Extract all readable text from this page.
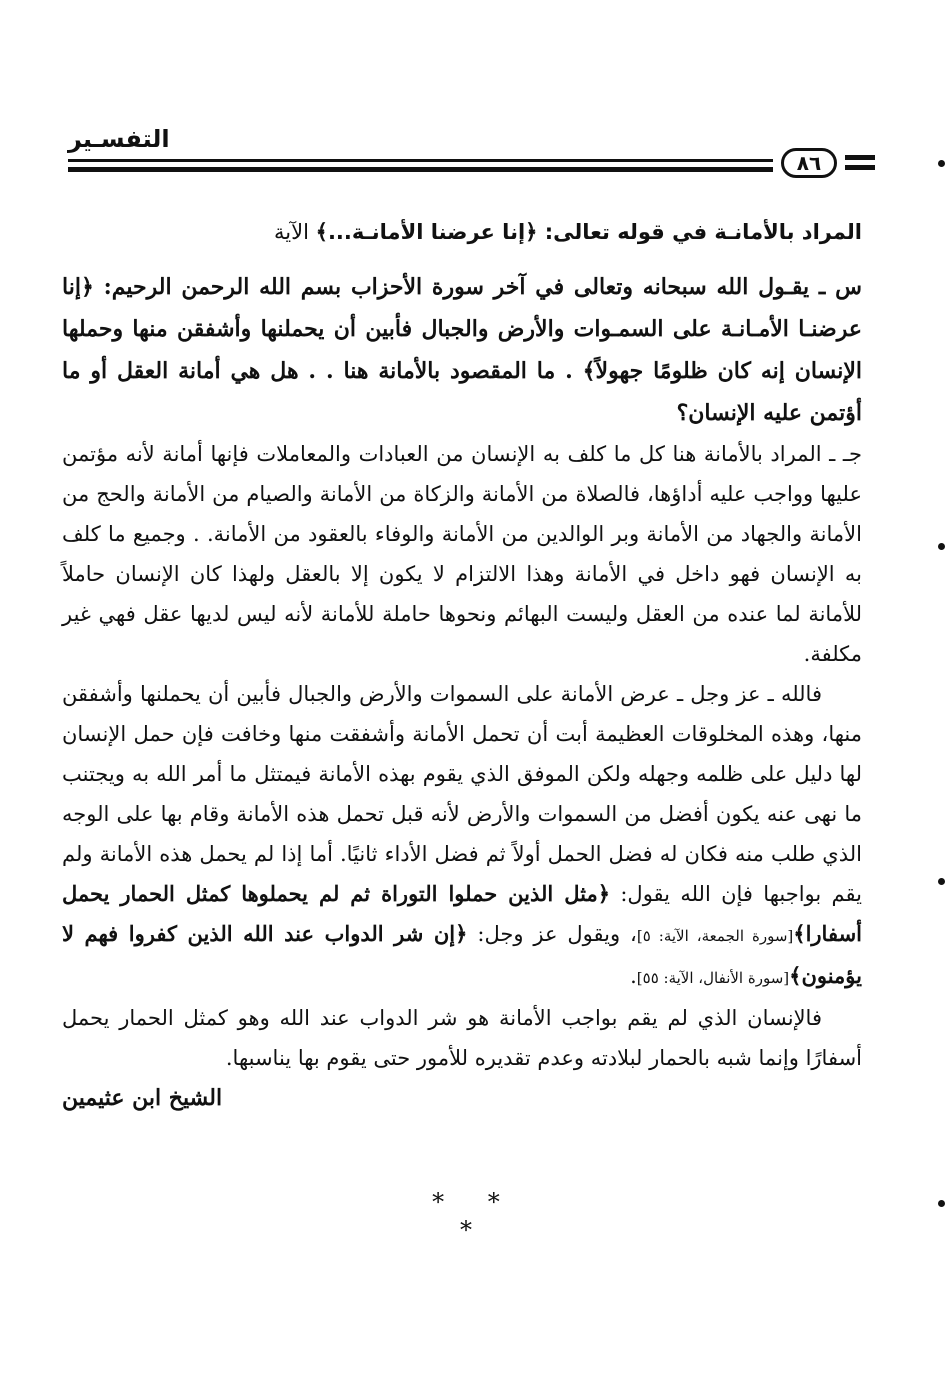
التفسـير
٨٦
المراد بالأمانـة في قوله تعالى: ﴿إنا عرضنا الأمانـة...﴾ الآية

س ـ يقـول الله سبحانه وتعالى في آخر سورة الأحزاب بسم الله الرحمن الرحيم: ﴿إنا عرضنـا الأمـانـة على السمـوات والأرض والجبال فأبين أن يحملنها وأشفقن منها وحملها الإنسان إنه كان ظلومًا جهولاً﴾ . ما المقصود بالأمانة هنا . . هل هي أمانة العقل أو ما أؤتمن عليه الإنسان؟

جـ ـ المراد بالأمانة هنا كل ما كلف به الإنسان من العبادات والمعاملات فإنها أمانة لأنه مؤتمن عليها وواجب عليه أداؤها، فالصلاة من الأمانة والزكاة من الأمانة والصيام من الأمانة والحج من الأمانة والجهاد من الأمانة وبر الوالدين من الأمانة والوفاء بالعقود من الأمانة. . وجميع ما كلف به الإنسان فهو داخل في الأمانة وهذا الالتزام لا يكون إلا بالعقل ولهذا كان الإنسان حاملاً للأمانة لما عنده من العقل وليست البهائم ونحوها حاملة للأمانة لأنه ليس لديها عقل فهي غير مكلفة.

فالله ـ عز وجل ـ عرض الأمانة على السموات والأرض والجبال فأبين أن يحملنها وأشفقن منها، وهذه المخلوقات العظيمة أبت أن تحمل الأمانة وأشفقت منها وخافت فإن حمل الإنسان لها دليل على ظلمه وجهله ولكن الموفق الذي يقوم بهذه الأمانة فيمتثل ما أمر الله به ويجتنب ما نهى عنه يكون أفضل من السموات والأرض لأنه قبل تحمل هذه الأمانة وقام بها على الوجه الذي طلب منه فكان له فضل الحمل أولاً ثم فضل الأداء ثانيًا. أما إذا لم يحمل هذه الأمانة ولم يقم بواجبها فإن الله يقول: ﴿مثل الذين حملوا التوراة ثم لم يحملوها كمثل الحمار يحمل أسفارا﴾[سورة الجمعة، الآية: ٥]، ويقول عز وجل: ﴿إن شر الدواب عند الله الذين كفروا فهم لا يؤمنون﴾[سورة الأنفال، الآية: ٥٥].

فالإنسان الذي لم يقم بواجب الأمانة هو شر الدواب عند الله وهو كمثل الحمار يحمل أسفارًا وإنما شبه بالحمار لبلادته وعدم تقديره للأمور حتى يقوم بها يناسبها.

الشيخ ابن عثيمين

* * *
